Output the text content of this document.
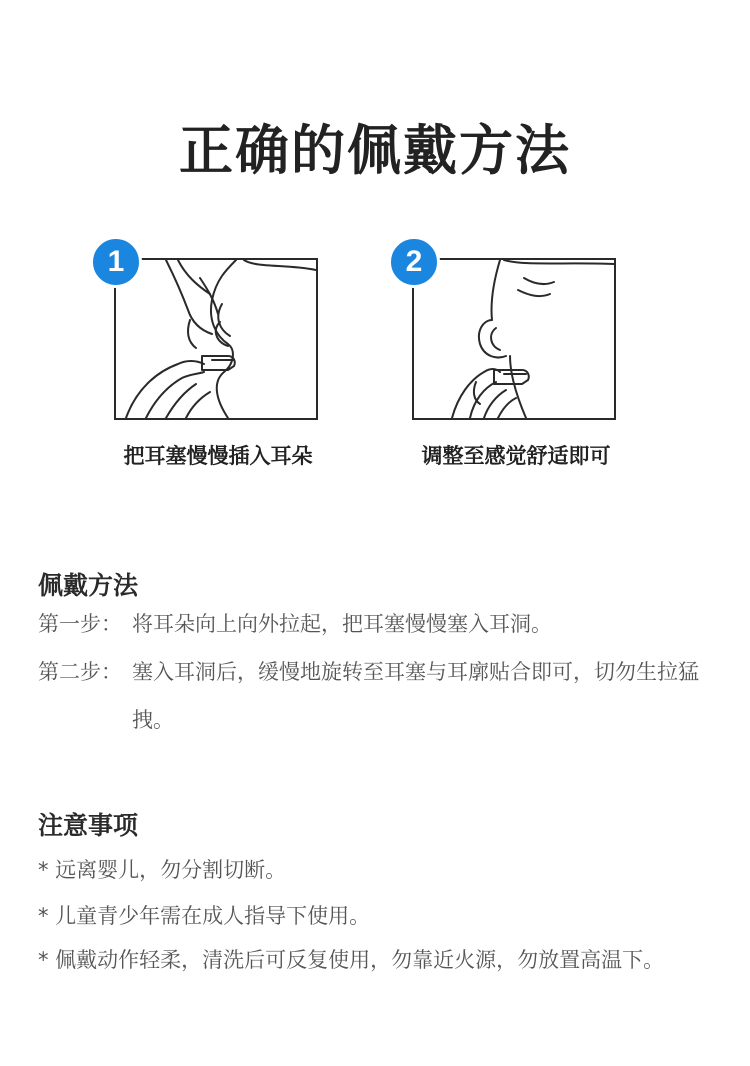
正确的佩戴方法
1
把耳塞慢慢插入耳朵
2
调整至感觉舒适即可
佩戴方法
第一步： 将耳朵向上向外拉起，把耳塞慢慢塞入耳洞。
第二步： 塞入耳洞后，缓慢地旋转至耳塞与耳廓贴合即可，切勿生拉猛拽。
注意事项
* 远离婴儿，勿分割切断。
* 儿童青少年需在成人指导下使用。
* 佩戴动作轻柔，清洗后可反复使用，勿靠近火源，勿放置高温下。
